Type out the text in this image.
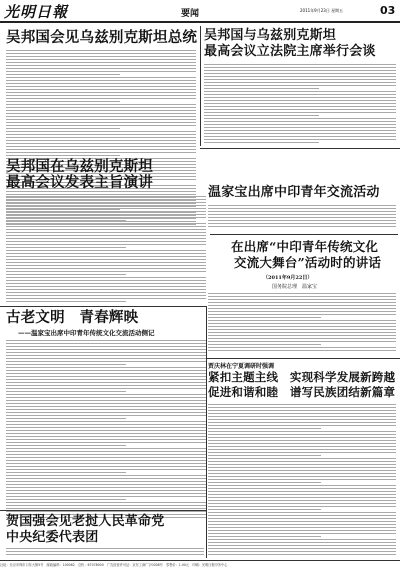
光明日報	要闻	2011年9月23日 星期五	03
吴邦国会见乌兹别克斯坦总统 吴邦国与乌兹别克斯坦
最高会议立法院主席举行会谈
吴邦国在乌兹别克斯坦
最高会议发表主旨演讲
温家宝出席中印青年交流活动
在出席“中印青年传统文化
交流大舞台”活动时的讲话
（2011年9月22日）
国务院总理　温家宝
古老文明　青春辉映
——温家宝出席中印青年传统文化交流活动侧记
贾庆林在宁夏调研时强调
紧扣主题主线　实现科学发展新跨越
促进和谐和睦　谱写民族团结新篇章
贺国强会见老挝人民革命党
中央纪委代表团
社址：北京市珠市口东大街5号　邮政编码：100062　总机：67078000　广告经营许可证：京东工商广字0008号　零售价：1.00元　印刷：光明日报印务中心
